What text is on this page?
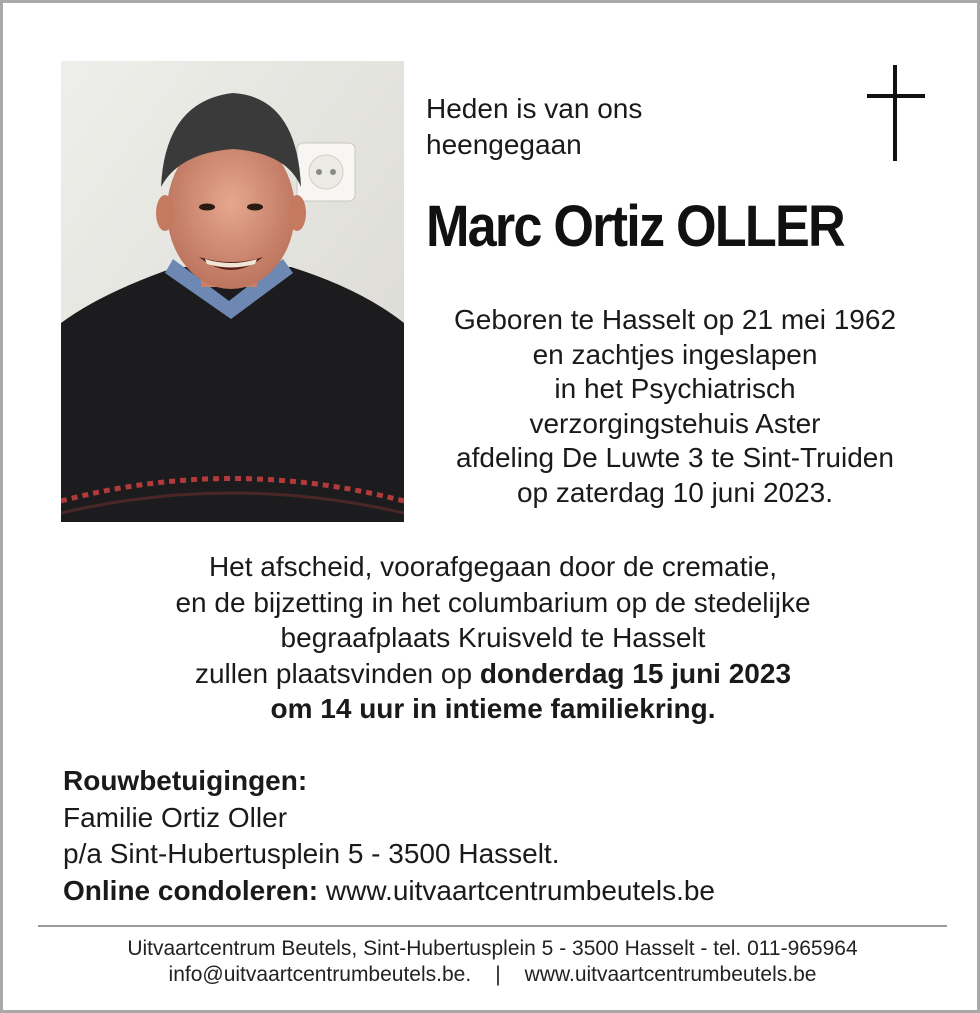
Heden is van ons
heengegaan
Marc Ortiz OLLER
Geboren te Hasselt op 21 mei 1962
en zachtjes ingeslapen
in het Psychiatrisch
verzorgingstehuis Aster
afdeling De Luwte 3 te Sint-Truiden
op zaterdag 10 juni 2023.
Het afscheid, voorafgegaan door de crematie,
en de bijzetting in het columbarium op de stedelijke
begraafplaats Kruisveld te Hasselt
zullen plaatsvinden op donderdag 15 juni 2023
om 14 uur in intieme familiekring.
Rouwbetuigingen:
Familie Ortiz Oller
p/a Sint-Hubertusplein 5 - 3500 Hasselt.
Online condoleren: www.uitvaartcentrumbeutels.be
Uitvaartcentrum Beutels, Sint-Hubertusplein 5 - 3500 Hasselt - tel. 011-965964
info@uitvaartcentrumbeutels.be. | www.uitvaartcentrumbeutels.be
